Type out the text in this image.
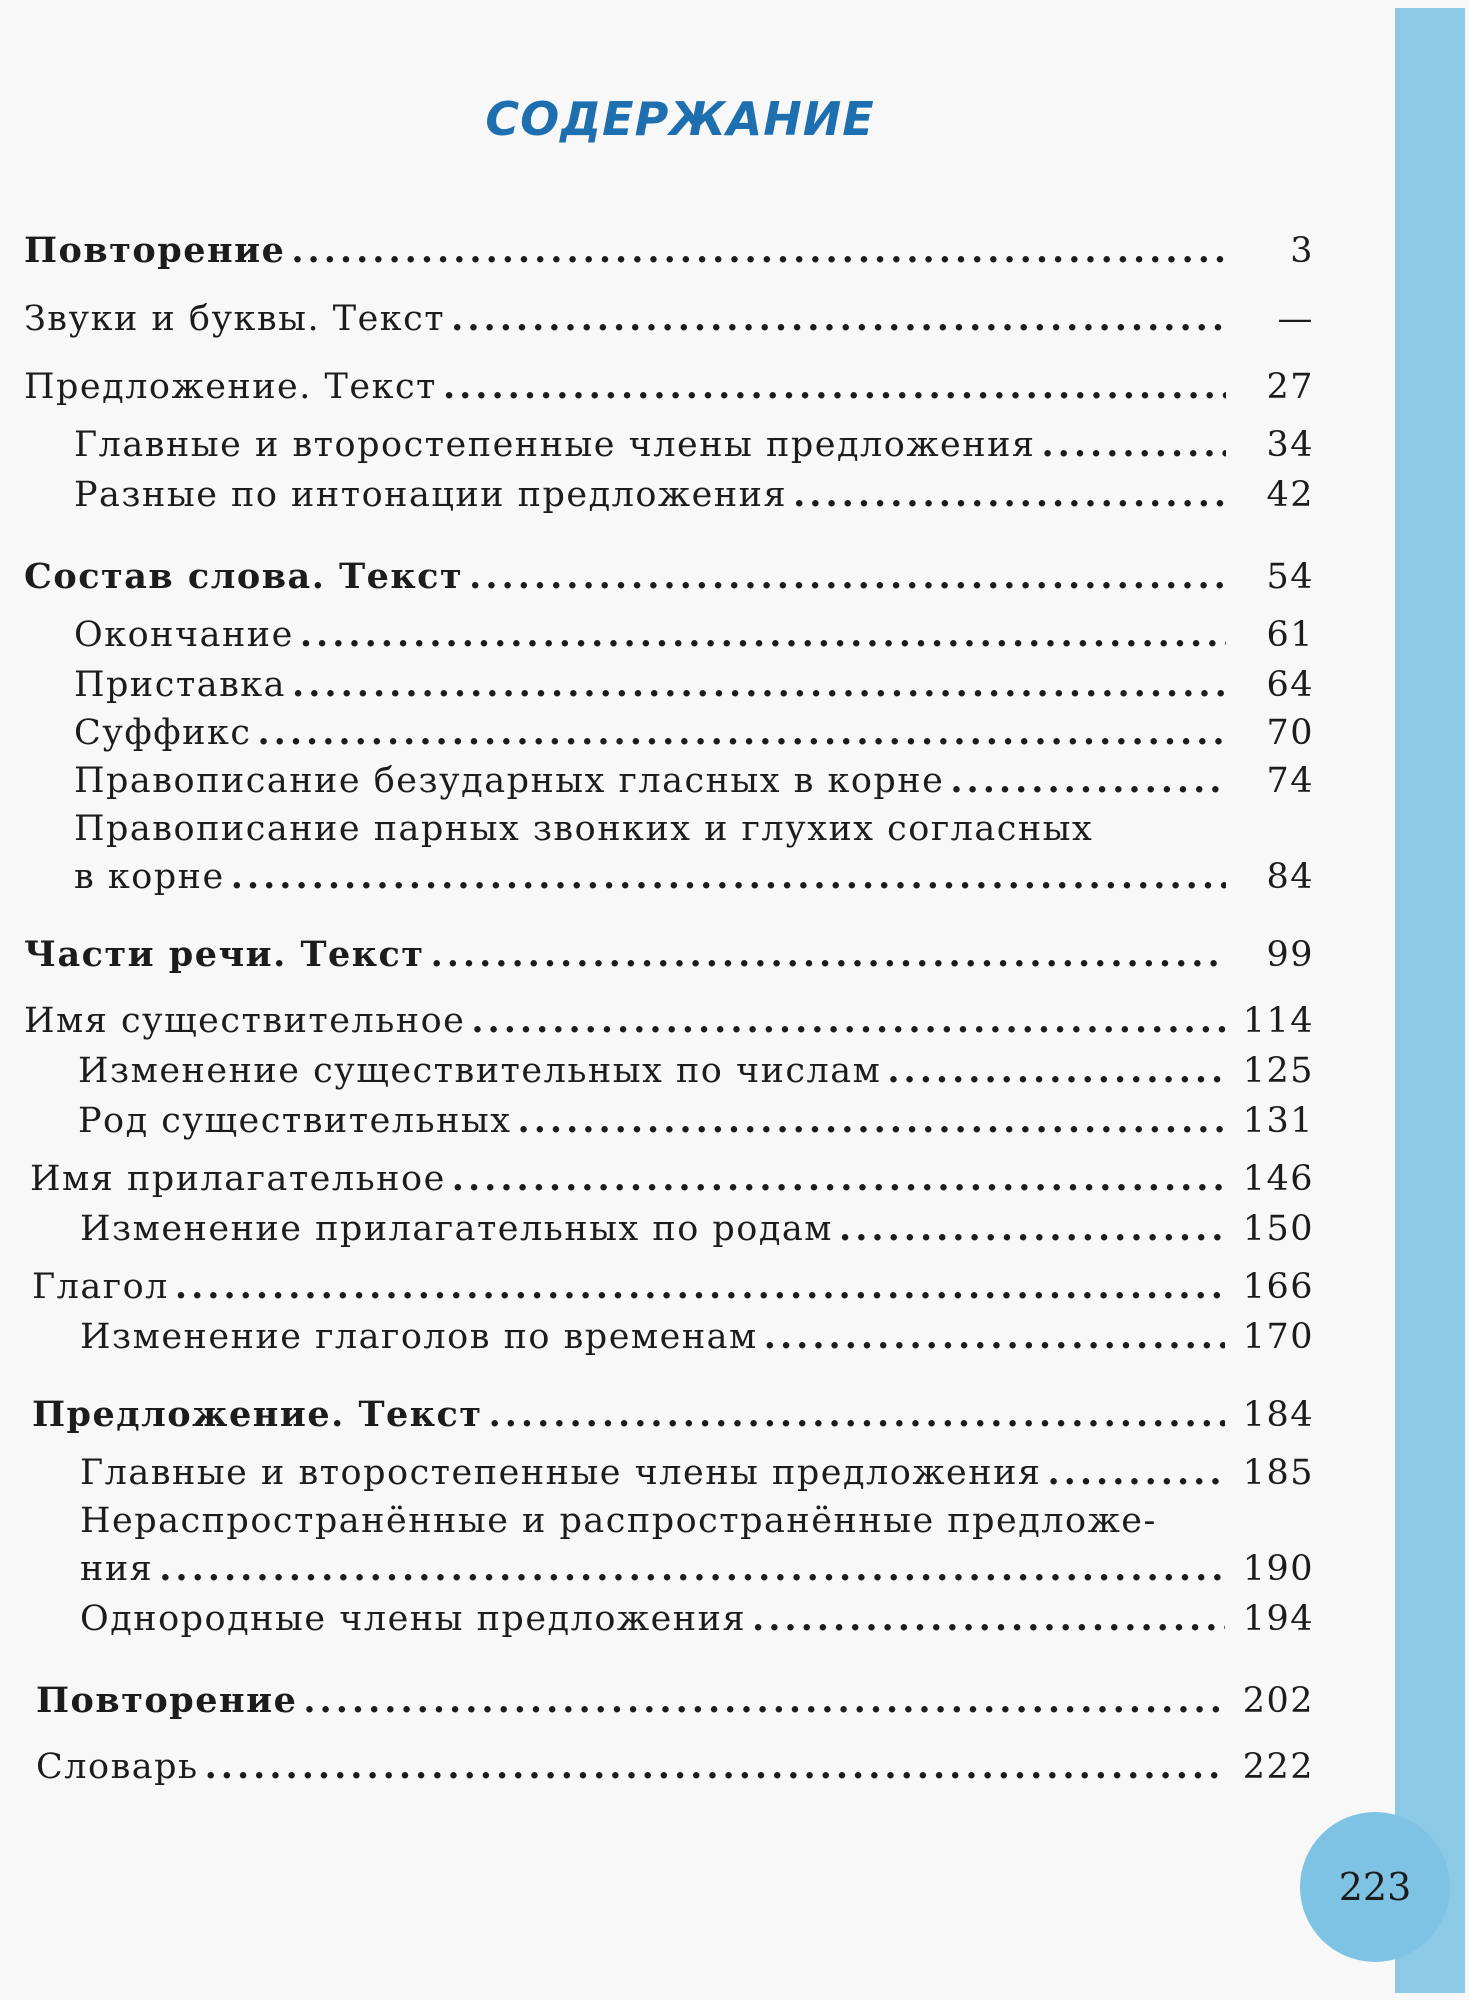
СОДЕРЖАНИЕ
Повторение .....	3
Звуки и буквы. Текст .....	—
Предложение. Текст .....	27
Главные и второстепенные члены предложения .....	34
Разные по интонации предложения .....	42
Состав слова. Текст .....	54
Окончание .....	61
Приставка .....	64
Суффикс .....	70
Правописание безударных гласных в корне .....	74
Правописание парных звонких и глухих согласных
в корне .....	84
Части речи. Текст .....	99
Имя существительное .....	114
Изменение существительных по числам .....	125
Род существительных .....	131
Имя прилагательное .....	146
Изменение прилагательных по родам .....	150
Глагол .....	166
Изменение глаголов по временам .....	170
Предложение. Текст .....	184
Главные и второстепенные члены предложения .....	185
Нераспространённые и распространённые предложе-
ния .....	190
Однородные члены предложения .....	194
Повторение .....	202
Словарь .....	222
223
